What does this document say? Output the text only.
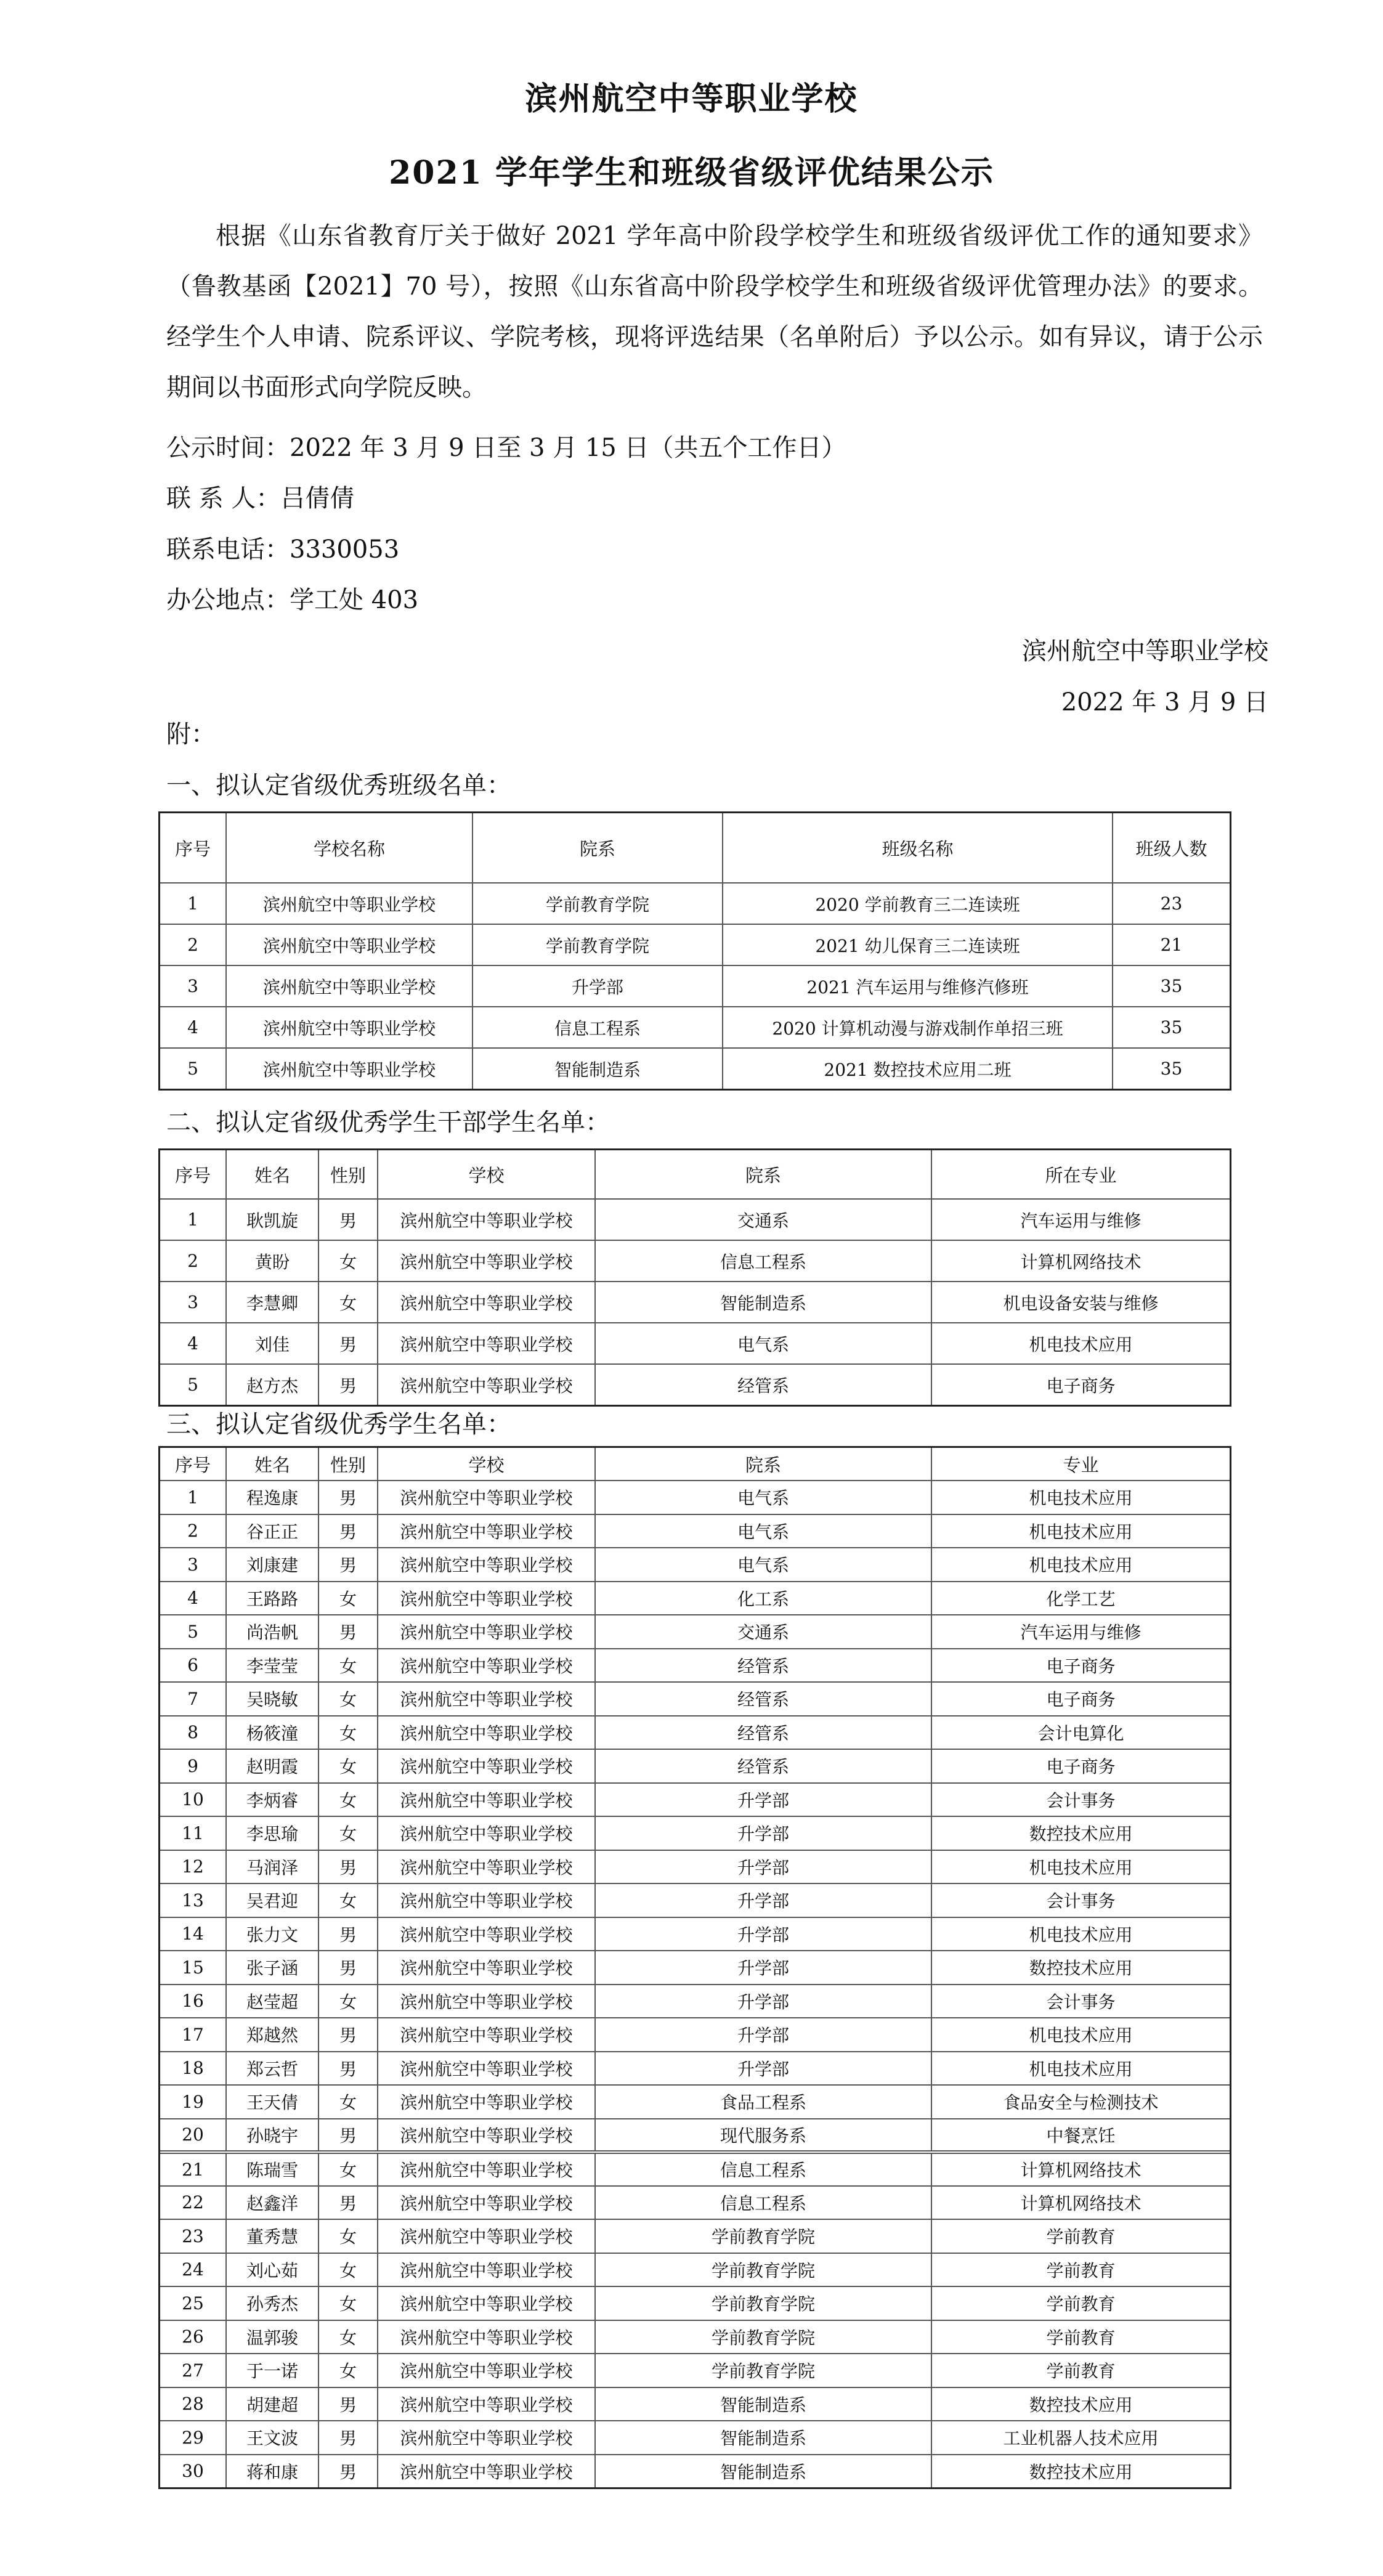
滨州航空中等职业学校
2021 学年学生和班级省级评优结果公示
根据《山东省教育厅关于做好 2021 学年高中阶段学校学生和班级省级评优工作的通知要求》（鲁教基函【2021】70 号），按照《山东省高中阶段学校学生和班级省级评优管理办法》的要求。经学生个人申请、院系评议、学院考核，现将评选结果（名单附后）予以公示。如有异议，请于公示期间以书面形式向学院反映。
公示时间：2022 年 3 月 9 日至 3 月 15 日（共五个工作日）
联 系 人：吕倩倩
联系电话：3330053
办公地点：学工处 403
滨州航空中等职业学校
2022 年 3 月 9 日
附：
一、拟认定省级优秀班级名单：
序号	学校名称	院系	班级名称	班级人数
1	滨州航空中等职业学校	学前教育学院	2020 学前教育三二连读班	23
2	滨州航空中等职业学校	学前教育学院	2021 幼儿保育三二连读班	21
3	滨州航空中等职业学校	升学部	2021 汽车运用与维修汽修班	35
4	滨州航空中等职业学校	信息工程系	2020 计算机动漫与游戏制作单招三班	35
5	滨州航空中等职业学校	智能制造系	2021 数控技术应用二班	35
二、拟认定省级优秀学生干部学生名单：
序号	姓名	性别	学校	院系	所在专业
1	耿凯旋	男	滨州航空中等职业学校	交通系	汽车运用与维修
2	黄盼	女	滨州航空中等职业学校	信息工程系	计算机网络技术
3	李慧卿	女	滨州航空中等职业学校	智能制造系	机电设备安装与维修
4	刘佳	男	滨州航空中等职业学校	电气系	机电技术应用
5	赵方杰	男	滨州航空中等职业学校	经管系	电子商务
三、拟认定省级优秀学生名单：
序号	姓名	性别	学校	院系	专业
1	程逸康	男	滨州航空中等职业学校	电气系	机电技术应用
2	谷正正	男	滨州航空中等职业学校	电气系	机电技术应用
3	刘康建	男	滨州航空中等职业学校	电气系	机电技术应用
4	王路路	女	滨州航空中等职业学校	化工系	化学工艺
5	尚浩帆	男	滨州航空中等职业学校	交通系	汽车运用与维修
6	李莹莹	女	滨州航空中等职业学校	经管系	电子商务
7	吴晓敏	女	滨州航空中等职业学校	经管系	电子商务
8	杨筱潼	女	滨州航空中等职业学校	经管系	会计电算化
9	赵明霞	女	滨州航空中等职业学校	经管系	电子商务
10	李炳睿	女	滨州航空中等职业学校	升学部	会计事务
11	李思瑜	女	滨州航空中等职业学校	升学部	数控技术应用
12	马润泽	男	滨州航空中等职业学校	升学部	机电技术应用
13	吴君迎	女	滨州航空中等职业学校	升学部	会计事务
14	张力文	男	滨州航空中等职业学校	升学部	机电技术应用
15	张子涵	男	滨州航空中等职业学校	升学部	数控技术应用
16	赵莹超	女	滨州航空中等职业学校	升学部	会计事务
17	郑越然	男	滨州航空中等职业学校	升学部	机电技术应用
18	郑云哲	男	滨州航空中等职业学校	升学部	机电技术应用
19	王天倩	女	滨州航空中等职业学校	食品工程系	食品安全与检测技术
20	孙晓宇	男	滨州航空中等职业学校	现代服务系	中餐烹饪
21	陈瑞雪	女	滨州航空中等职业学校	信息工程系	计算机网络技术
22	赵鑫洋	男	滨州航空中等职业学校	信息工程系	计算机网络技术
23	董秀慧	女	滨州航空中等职业学校	学前教育学院	学前教育
24	刘心茹	女	滨州航空中等职业学校	学前教育学院	学前教育
25	孙秀杰	女	滨州航空中等职业学校	学前教育学院	学前教育
26	温郭骏	女	滨州航空中等职业学校	学前教育学院	学前教育
27	于一诺	女	滨州航空中等职业学校	学前教育学院	学前教育
28	胡建超	男	滨州航空中等职业学校	智能制造系	数控技术应用
29	王文波	男	滨州航空中等职业学校	智能制造系	工业机器人技术应用
30	蒋和康	男	滨州航空中等职业学校	智能制造系	数控技术应用
